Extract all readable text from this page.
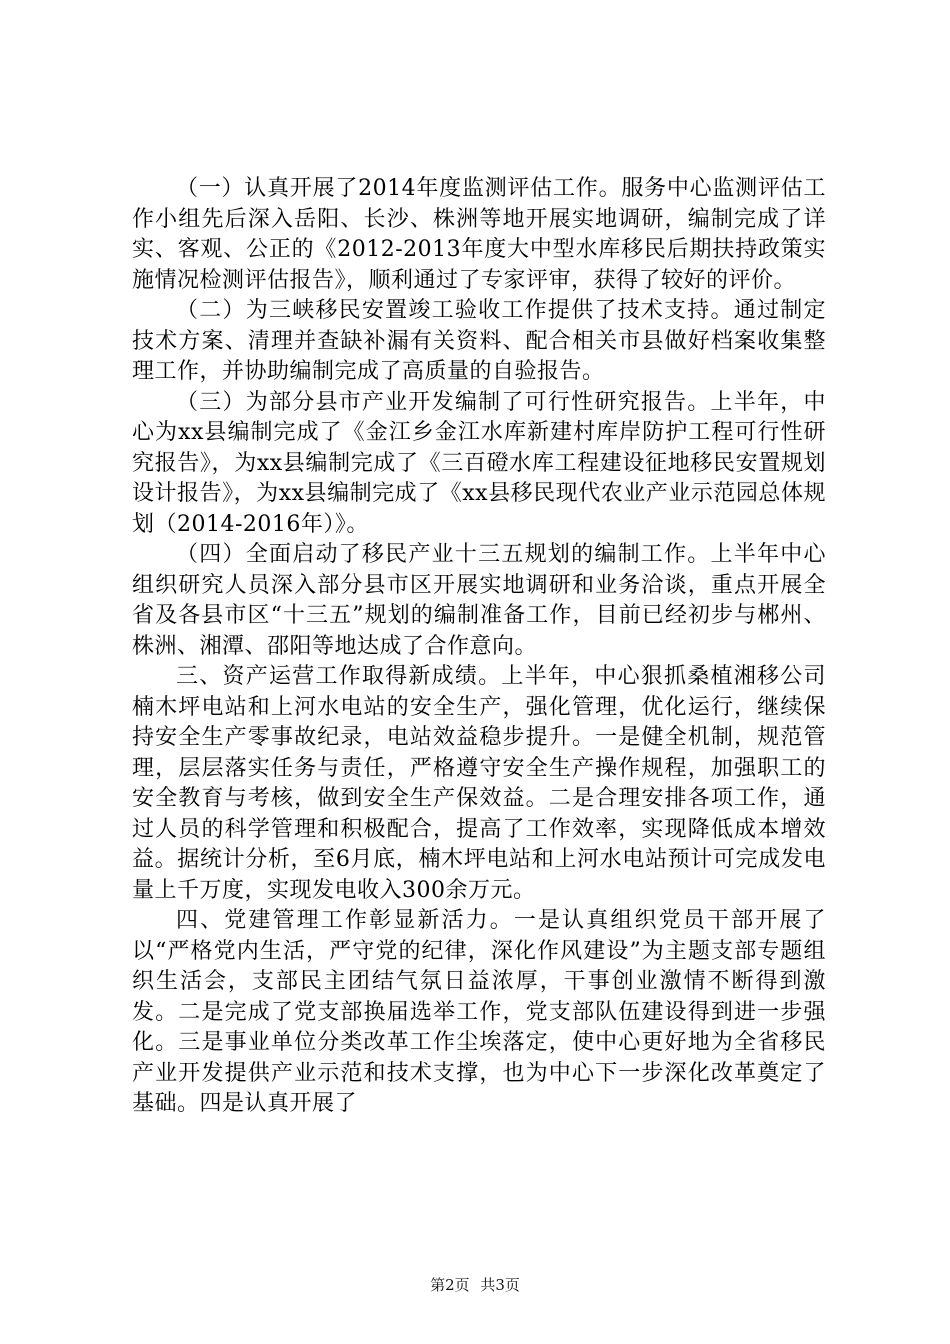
（一）认真开展了2014年度监测评估工作。服务中心监测评估工作小组先后深入岳阳、长沙、株洲等地开展实地调研，编制完成了详实、客观、公正的《2012-2013年度大中型水库移民后期扶持政策实施情况检测评估报告》，顺利通过了专家评审，获得了较好的评价。

（二）为三峡移民安置竣工验收工作提供了技术支持。通过制定技术方案、清理并查缺补漏有关资料、配合相关市县做好档案收集整理工作，并协助编制完成了高质量的自验报告。

（三）为部分县市产业开发编制了可行性研究报告。上半年，中心为xx县编制完成了《金江乡金江水库新建村库岸防护工程可行性研究报告》，为xx县编制完成了《三百磴水库工程建设征地移民安置规划设计报告》，为xx县编制完成了《xx县移民现代农业产业示范园总体规划（2014-2016年）》。

（四）全面启动了移民产业十三五规划的编制工作。上半年中心组织研究人员深入部分县市区开展实地调研和业务洽谈，重点开展全省及各县市区“十三五”规划的编制准备工作，目前已经初步与郴州、株洲、湘潭、邵阳等地达成了合作意向。

三、资产运营工作取得新成绩。上半年，中心狠抓桑植湘移公司楠木坪电站和上河水电站的安全生产，强化管理，优化运行，继续保持安全生产零事故纪录，电站效益稳步提升。一是健全机制，规范管理，层层落实任务与责任，严格遵守安全生产操作规程，加强职工的安全教育与考核，做到安全生产保效益。二是合理安排各项工作，通过人员的科学管理和积极配合，提高了工作效率，实现降低成本增效益。据统计分析，至6月底，楠木坪电站和上河水电站预计可完成发电量上千万度，实现发电收入300余万元。

四、党建管理工作彰显新活力。一是认真组织党员干部开展了以“严格党内生活，严守党的纪律，深化作风建设”为主题支部专题组织生活会，支部民主团结气氛日益浓厚，干事创业激情不断得到激发。二是完成了党支部换届选举工作，党支部队伍建设得到进一步强化。三是事业单位分类改革工作尘埃落定，使中心更好地为全省移民产业开发提供产业示范和技术支撑，也为中心下一步深化改革奠定了基础。四是认真开展了

第2页 共3页
